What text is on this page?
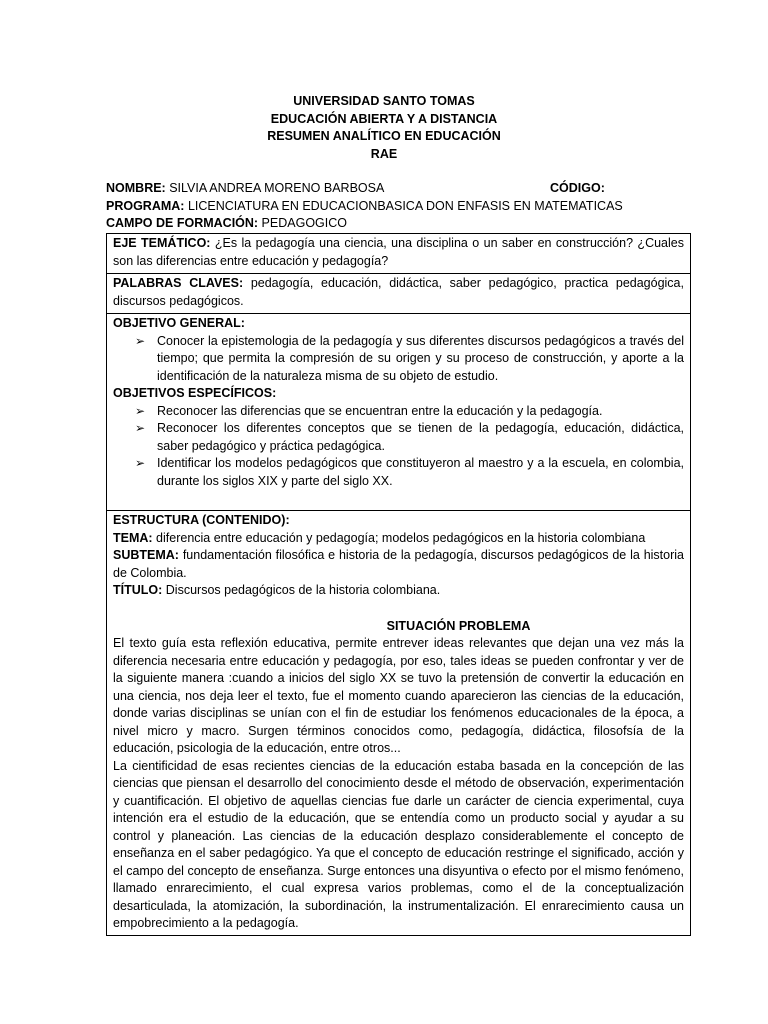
UNIVERSIDAD SANTO TOMAS
EDUCACIÓN ABIERTA Y A DISTANCIA
RESUMEN ANALÍTICO EN EDUCACIÓN
RAE
NOMBRE: SILVIA ANDREA MORENO BARBOSA	CÓDIGO:
PROGRAMA: LICENCIATURA EN EDUCACIONBASICA DON ENFASIS EN MATEMATICAS
CAMPO DE FORMACIÓN: PEDAGOGICO
EJE TEMÁTICO: ¿Es la pedagogía una ciencia, una disciplina o un saber en construcción? ¿Cuales son las diferencias entre educación y pedagogía?
PALABRAS CLAVES: pedagogía, educación, didáctica, saber pedagógico, practica pedagógica, discursos pedagógicos.
OBJETIVO GENERAL:
➢ Conocer la epistemologia de la pedagogía y sus diferentes discursos pedagógicos a través del tiempo; que permita la compresión de su origen y su proceso de construcción, y aporte a la identificación de la naturaleza misma de su objeto de estudio.
OBJETIVOS ESPECÍFICOS:
➢ Reconocer las diferencias que se encuentran entre la educación y la pedagogía.
➢ Reconocer los diferentes conceptos que se tienen de la pedagogía, educación, didáctica, saber pedagógico y práctica pedagógica.
➢ Identificar los modelos pedagógicos que constituyeron al maestro y a la escuela, en colombia, durante los siglos XIX y parte del siglo XX.
ESTRUCTURA (CONTENIDO):
TEMA: diferencia entre educación y pedagogía; modelos pedagógicos en la historia colombiana
SUBTEMA: fundamentación filosófica e historia de la pedagogía, discursos pedagógicos de la historia de Colombia.
TÍTULO: Discursos pedagógicos de la historia colombiana.
SITUACIÓN PROBLEMA

El texto guía esta reflexión educativa, permite entrever ideas relevantes que dejan una vez más la diferencia necesaria entre educación y pedagogía, por eso, tales ideas se pueden confrontar y ver de la siguiente manera :cuando a inicios del siglo XX se tuvo la pretensión de convertir la educación en una ciencia, nos deja leer el texto, fue el momento cuando aparecieron las ciencias de la educación, donde varias disciplinas se unían con el fin de estudiar los fenómenos educacionales de la época, a nivel micro y macro. Surgen términos conocidos como, pedagogía, didáctica, filosofsía de la educación, psicologia de la educación, entre otros...

La cientificidad de esas recientes ciencias de la educación estaba basada en la concepción de las ciencias que piensan el desarrollo del conocimiento desde el método de observación, experimentación y cuantificación. El objetivo de aquellas ciencias fue darle un carácter de ciencia experimental, cuya intención era el estudio de la educación, que se entendía como un producto social y ayudar a su control y planeación. Las ciencias de la educación desplazo considerablemente el concepto de enseñanza en el saber pedagógico. Ya que el concepto de educación restringe el significado, acción y el campo del concepto de enseñanza. Surge entonces una disyuntiva o efecto por el mismo fenómeno, llamado enrarecimiento, el cual expresa varios problemas, como el de la conceptualización desarticulada, la atomización, la subordinación, la instrumentalización. El enrarecimiento causa un empobrecimiento a la pedagogía.
